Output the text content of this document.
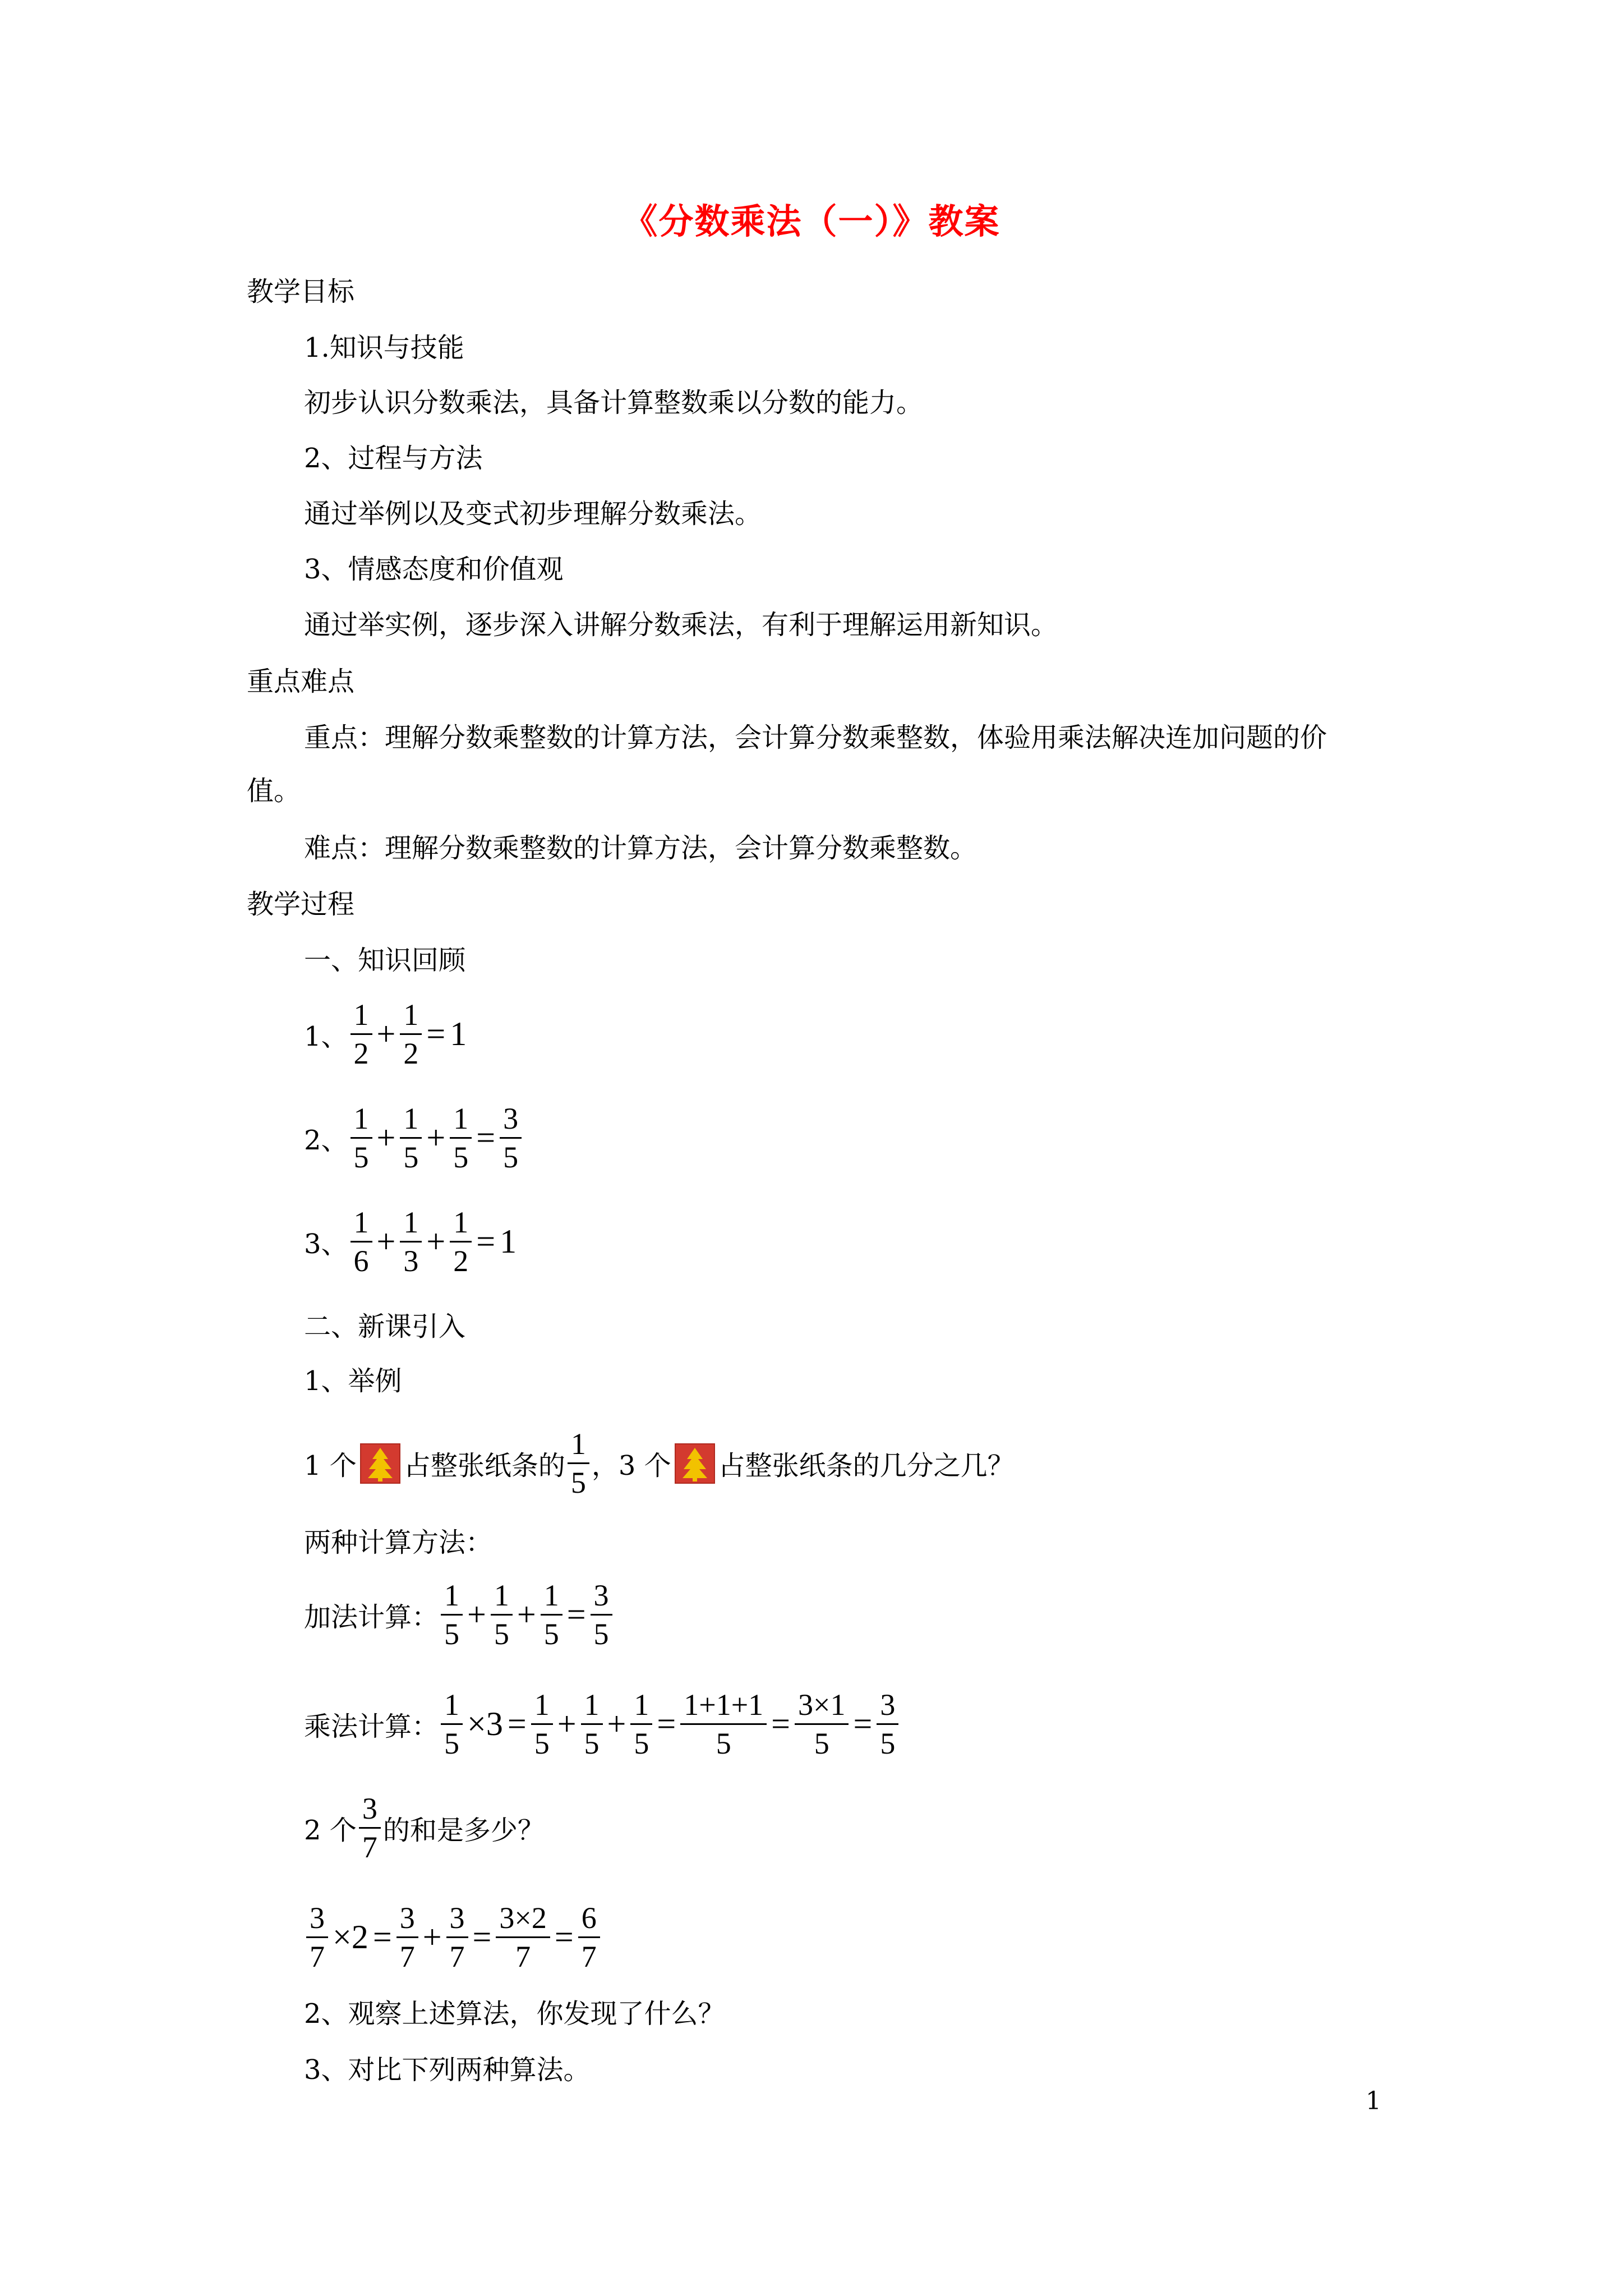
《分数乘法（一）》教案
教学目标
1.知识与技能
初步认识分数乘法，具备计算整数乘以分数的能力。
2、过程与方法
通过举例以及变式初步理解分数乘法。
3、情感态度和价值观
通过举实例，逐步深入讲解分数乘法，有利于理解运用新知识。
重点难点
重点：理解分数乘整数的计算方法，会计算分数乘整数，体验用乘法解决连加问题的价
值。
难点：理解分数乘整数的计算方法，会计算分数乘整数。
教学过程
一、知识回顾
1、 $\frac{1}{2} + \frac{1}{2} = 1$
2、 $\frac{1}{5} + \frac{1}{5} + \frac{1}{5} = \frac{3}{5}$
3、 $\frac{1}{6} + \frac{1}{3} + \frac{1}{2} = 1$
二、新课引入
1、举例
1 个 占整张纸条的 $\frac{1}{5}$ ，3 个 占整张纸条的几分之几？
两种计算方法：
加法计算： $\frac{1}{5} + \frac{1}{5} + \frac{1}{5} = \frac{3}{5}$
乘法计算： $\frac{1}{5} \times 3 = \frac{1}{5} + \frac{1}{5} + \frac{1}{5} = \frac{1+1+1}{5} = \frac{3\times 1}{5} = \frac{3}{5}$
2 个 $\frac{3}{7}$ 的和是多少？
$\frac{3}{7} \times 2 = \frac{3}{7} + \frac{3}{7} = \frac{3\times 2}{7} = \frac{6}{7}$
2、观察上述算法，你发现了什么？
3、对比下列两种算法。
1
